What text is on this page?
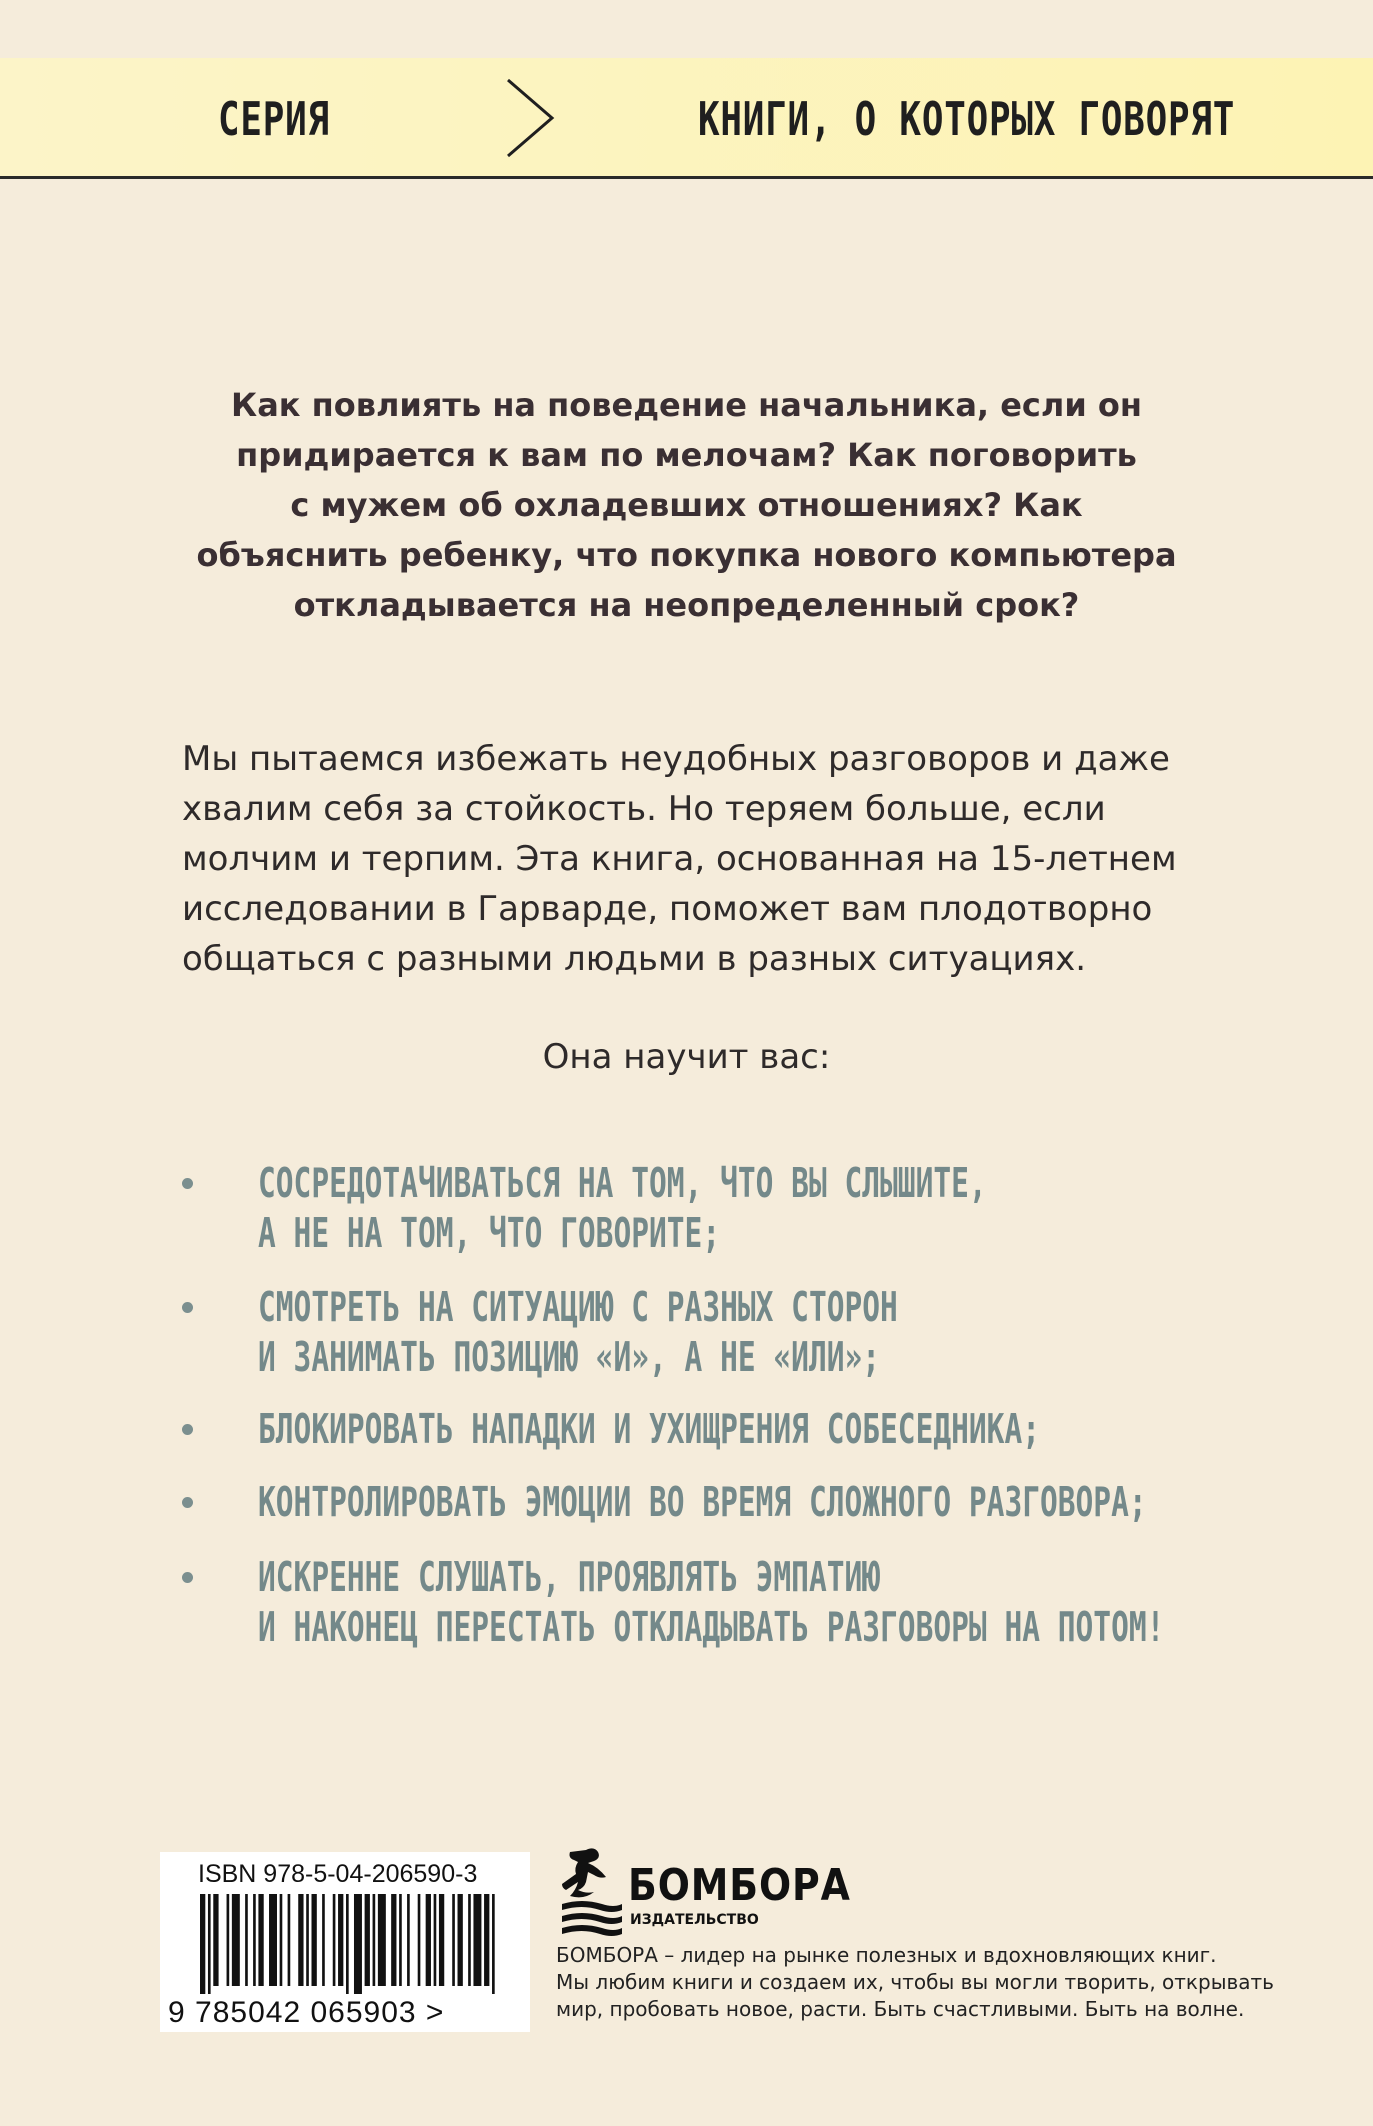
СЕРИЯ	КНИГИ, О КОТОРЫХ ГОВОРЯТ
Как повлиять на поведение начальника, если он
придирается к вам по мелочам? Как поговорить
с мужем об охладевших отношениях? Как
объяснить ребенку, что покупка нового компьютера
откладывается на неопределенный срок?
Мы пытаемся избежать неудобных разговоров и даже
хвалим себя за стойкость. Но теряем больше, если
молчим и терпим. Эта книга, основанная на 15-летнем
исследовании в Гарварде, поможет вам плодотворно
общаться с разными людьми в разных ситуациях.
Она научит вас:
СОСРЕДОТАЧИВАТЬСЯ НА ТОМ, ЧТО ВЫ СЛЫШИТЕ,
А НЕ НА ТОМ, ЧТО ГОВОРИТЕ;
СМОТРЕТЬ НА СИТУАЦИЮ С РАЗНЫХ СТОРОН
И ЗАНИМАТЬ ПОЗИЦИЮ «И», А НЕ «ИЛИ»;
БЛОКИРОВАТЬ НАПАДКИ И УХИЩРЕНИЯ СОБЕСЕДНИКА;
КОНТРОЛИРОВАТЬ ЭМОЦИИ ВО ВРЕМЯ СЛОЖНОГО РАЗГОВОРА;
ИСКРЕННЕ СЛУШАТЬ, ПРОЯВЛЯТЬ ЭМПАТИЮ
И НАКОНЕЦ ПЕРЕСТАТЬ ОТКЛАДЫВАТЬ РАЗГОВОРЫ НА ПОТОМ!
ISBN 978-5-04-206590-3
9 785042 065903 >
БОМБОРА
ИЗДАТЕЛЬСТВО
БОМБОРА – лидер на рынке полезных и вдохновляющих книг.
Мы любим книги и создаем их, чтобы вы могли творить, открывать
мир, пробовать новое, расти. Быть счастливыми. Быть на волне.
